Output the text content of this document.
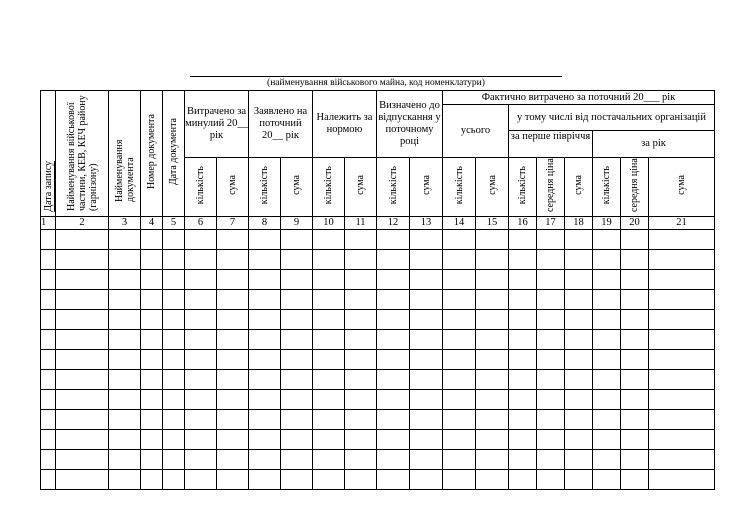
(найменування військового майна, код номенклатури)
Дата запису	Найменування військової частини, КЕВ, КЕЧ району (гарнізону)	Найменування документа	Номер документа	Дата документа	Витрачено за минулий 20__ рік		Заявлено на поточний 20__ рік		Належить за нормою		Визначено до відпускання у поточному році		Фактично витрачено за поточний 20___ рік							
													усього		у тому числі від постачальних організацій					
															за перше півріччя			за рік		
					кількість	сума	кількість	сума	кількість	сума	кількість	сума	кількість	сума	кількість	середня ціна	сума	кількість	середня ціна	сума
1	2	3	4	5	6	7	8	9	10	11	12	13	14	15	16	17	18	19	20	21
